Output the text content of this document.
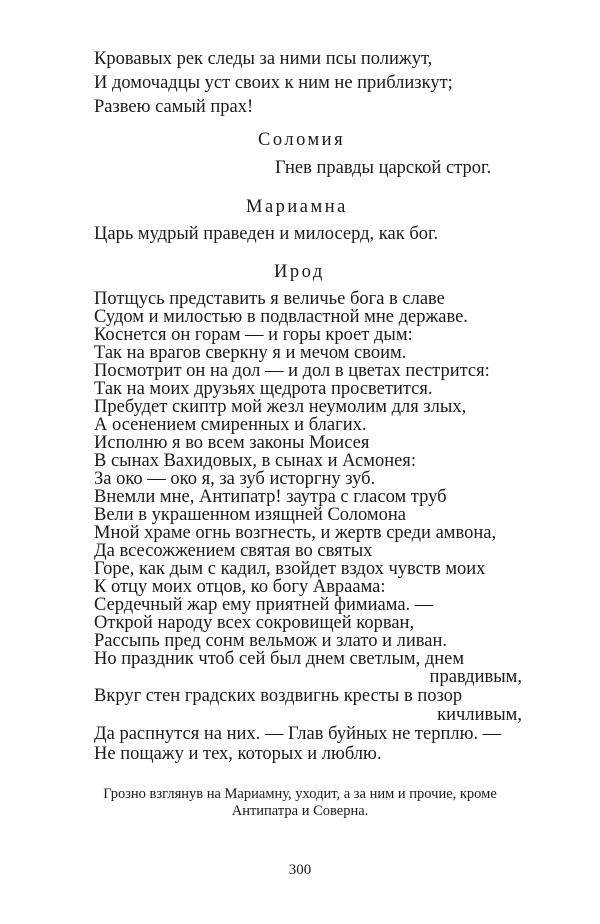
Кровавых рек следы за ними псы полижут,
И домочадцы уст своих к ним не приблизкут;
Развею самый прах!
Соломия
Гнев правды царской строг.
Мариамна
Царь мудрый праведен и милосерд, как бог.
Ирод
Потщусь представить я величье бога в славе
Судом и милостью в подвластной мне державе.
Коснется он горам — и горы кроет дым:
Так на врагов сверкну я и мечом своим.
Посмотрит он на дол — и дол в цветах пестрится:
Так на моих друзьях щедрота просветится.
Пребудет скиптр мой жезл неумолим для злых,
А осенением смиренных и благих.
Исполню я во всем законы Моисея
В сынах Вахидовых, в сынах и Асмонея:
За око — око я, за зуб исторгну зуб.
Внемли мне, Антипатр! заутра с гласом труб
Вели в украшенном изящней Соломона
Мной храме огнь возгнесть, и жертв среди амвона,
Да всесожжением святая во святых
Горе, как дым с кадил, взойдет вздох чувств моих
К отцу моих отцов, ко богу Авраама:
Сердечный жар ему приятней фимиама. —
Открой народу всех сокровищей корван,
Рассыпь пред сонм вельмож и злато и ливан.
Но праздник чтоб сей был днем светлым, днем
правдивым,
Вкруг стен градских воздвигнь кресты в позор
кичливым,
Да распнутся на них. — Глав буйных не терплю. —
Не пощажу и тех, которых и люблю.
Грозно взглянув на Мариамну, уходит, а за ним и прочие, кроме
Антипатра и Соверна.
300
